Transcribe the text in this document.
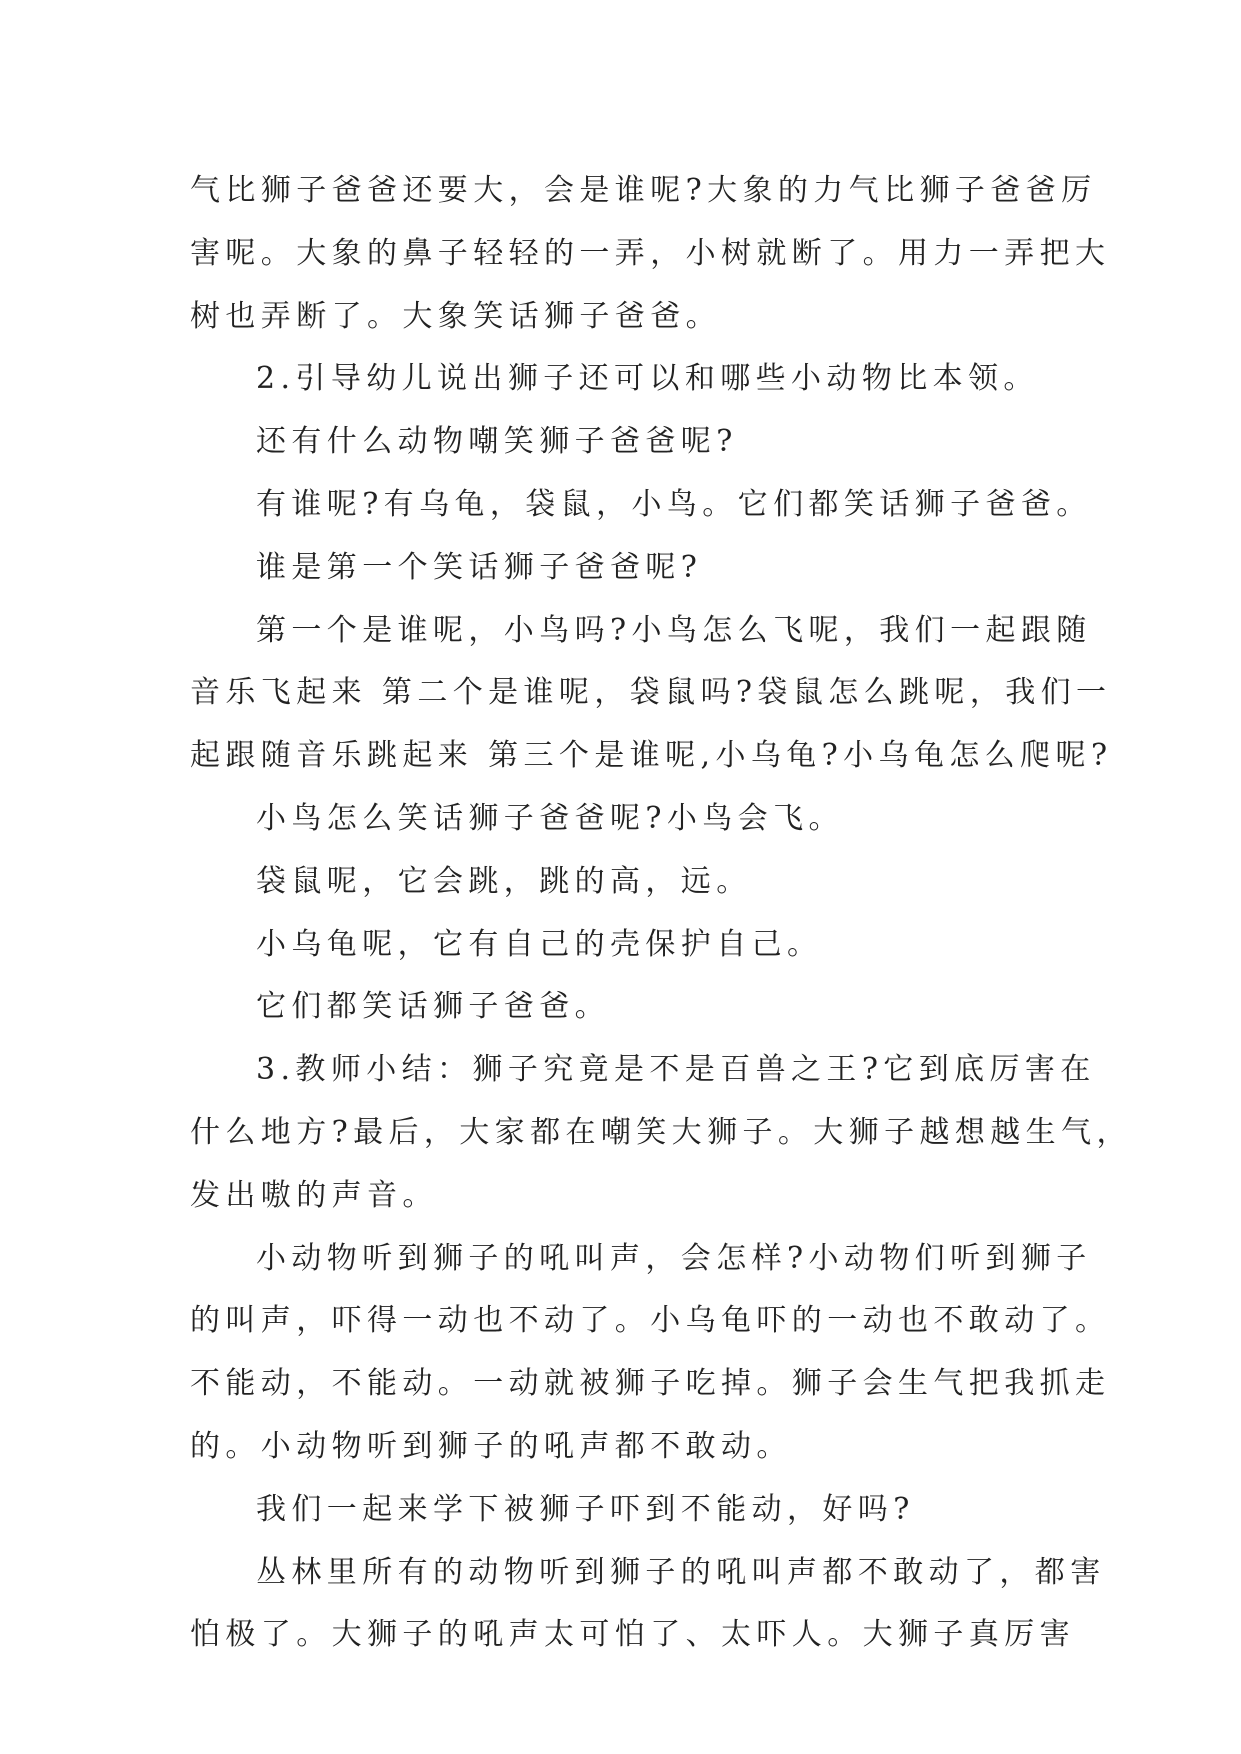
气比狮子爸爸还要大，会是谁呢?大象的力气比狮子爸爸厉
害呢。大象的鼻子轻轻的一弄，小树就断了。用力一弄把大
树也弄断了。大象笑话狮子爸爸。
2.引导幼儿说出狮子还可以和哪些小动物比本领。
还有什么动物嘲笑狮子爸爸呢?
有谁呢?有乌龟，袋鼠，小鸟。它们都笑话狮子爸爸。
谁是第一个笑话狮子爸爸呢?
第一个是谁呢，小鸟吗?小鸟怎么飞呢，我们一起跟随
音乐飞起来 第二个是谁呢，袋鼠吗?袋鼠怎么跳呢，我们一
起跟随音乐跳起来 第三个是谁呢,小乌龟?小乌龟怎么爬呢?
小鸟怎么笑话狮子爸爸呢?小鸟会飞。
袋鼠呢，它会跳，跳的高，远。
小乌龟呢，它有自己的壳保护自己。
它们都笑话狮子爸爸。
3.教师小结：狮子究竟是不是百兽之王?它到底厉害在
什么地方?最后，大家都在嘲笑大狮子。大狮子越想越生气，
发出嗷的声音。
小动物听到狮子的吼叫声，会怎样?小动物们听到狮子
的叫声，吓得一动也不动了。小乌龟吓的一动也不敢动了。
不能动，不能动。一动就被狮子吃掉。狮子会生气把我抓走
的。小动物听到狮子的吼声都不敢动。
我们一起来学下被狮子吓到不能动，好吗?
丛林里所有的动物听到狮子的吼叫声都不敢动了，都害
怕极了。大狮子的吼声太可怕了、太吓人。大狮子真厉害
